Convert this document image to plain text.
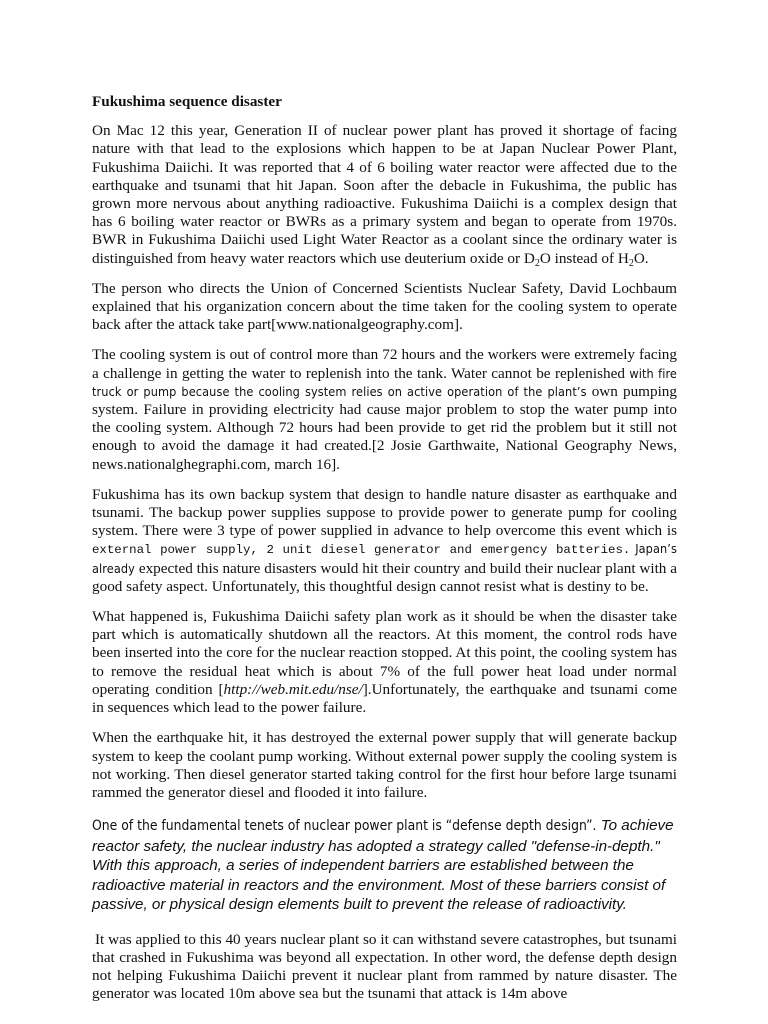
Fukushima sequence disaster

On Mac 12 this year, Generation II of nuclear power plant has proved it shortage of facing nature with that lead to the explosions which happen to be at Japan Nuclear Power Plant, Fukushima Daiichi. It was reported that 4 of 6 boiling water reactor were affected due to the earthquake and tsunami that hit Japan. Soon after the debacle in Fukushima, the public has grown more nervous about anything radioactive. Fukushima Daiichi is a complex design that has 6 boiling water reactor or BWRs as a primary system and began to operate from 1970s. BWR in Fukushima Daiichi used Light Water Reactor as a coolant since the ordinary water is distinguished from heavy water reactors which use deuterium oxide or $D_2O$ instead of $H_2O$.

The person who directs the Union of Concerned Scientists Nuclear Safety, David Lochbaum explained that his organization concern about the time taken for the cooling system to operate back after the attack take part[www.nationalgeography.com].

The cooling system is out of control more than 72 hours and the workers were extremely facing a challenge in getting the water to replenish into the tank. Water cannot be replenished with fire truck or pump because the cooling system relies on active operation of the plant’s own pumping system. Failure in providing electricity had cause major problem to stop the water pump into the cooling system. Although 72 hours had been provide to get rid the problem but it still not enough to avoid the damage it had created.[2 Josie Garthwaite, National Geography News, news.nationalghegraphi.com, march 16].

Fukushima has its own backup system that design to handle nature disaster as earthquake and tsunami. The backup power supplies suppose to provide power to generate pump for cooling system. There were 3 type of power supplied in advance to help overcome this event which is external power supply, 2 unit diesel generator and emergency batteries. Japan’s already expected this nature disasters would hit their country and build their nuclear plant with a good safety aspect. Unfortunately, this thoughtful design cannot resist what is destiny to be.

What happened is, Fukushima Daiichi safety plan work as it should be when the disaster take part which is automatically shutdown all the reactors. At this moment, the control rods have been inserted into the core for the nuclear reaction stopped. At this point, the cooling system has to remove the residual heat which is about 7% of the full power heat load under normal operating condition [http://web.mit.edu/nse/].Unfortunately, the earthquake and tsunami come in sequences which lead to the power failure.

When the earthquake hit, it has destroyed the external power supply that will generate backup system to keep the coolant pump working. Without external power supply the cooling system is not working. Then diesel generator started taking control for the first hour before large tsunami rammed the generator diesel and flooded it into failure.

One of the fundamental tenets of nuclear power plant is “defense depth design”. To achieve reactor safety, the nuclear industry has adopted a strategy called "defense-in-depth." With this approach, a series of independent barriers are established between the radioactive material in reactors and the environment. Most of these barriers consist of passive, or physical design elements built to prevent the release of radioactivity.

It was applied to this 40 years nuclear plant so it can withstand severe catastrophes, but tsunami that crashed in Fukushima was beyond all expectation. In other word, the defense depth design not helping Fukushima Daiichi prevent it nuclear plant from rammed by nature disaster. The generator was located 10m above sea but the tsunami that attack is 14m above
